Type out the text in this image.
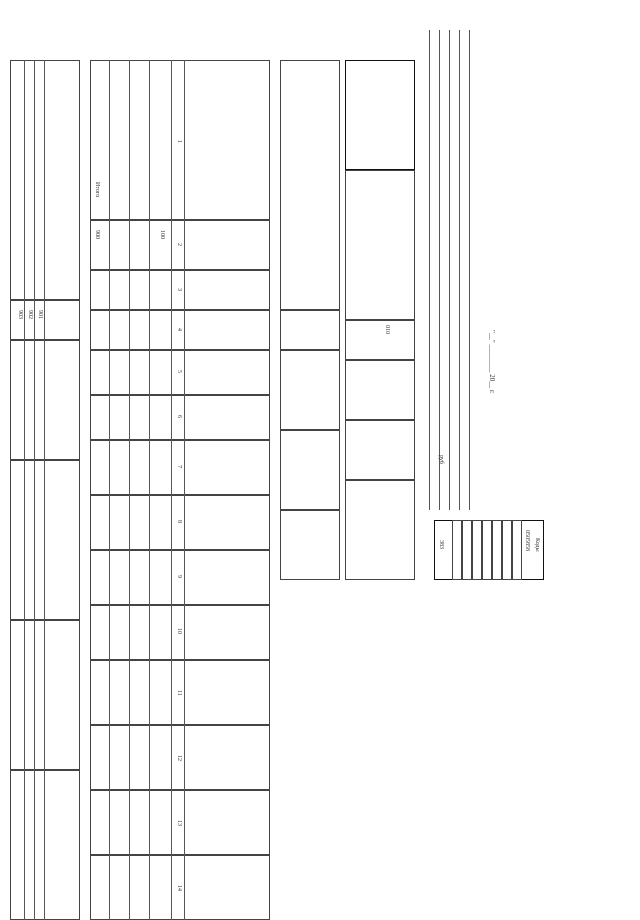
"__" ________ 20__ г.
Коды
0505858
383
руб
Итого
900	100
901
902
903
010
1
2
3
4
5
6
7
8
9
10
11
12
13
14
